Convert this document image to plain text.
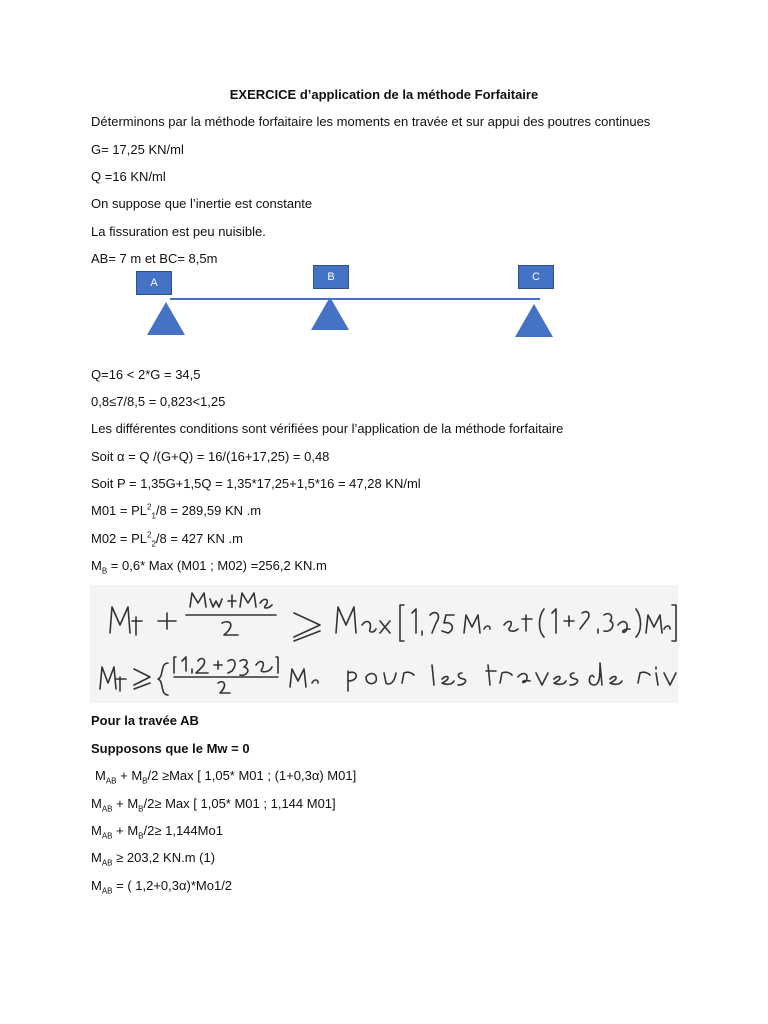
EXERCICE d’application de la méthode Forfaitaire
Déterminons par la méthode forfaitaire les moments en travée et sur appui des poutres continues
G= 17,25 KN/ml
Q =16 KN/ml
On suppose que l’inertie est constante
La fissuration est peu nuisible.
AB= 7 m et BC= 8,5m
A	B	C
Q=16 < 2*G = 34,5
0,8≤7/8,5 = 0,823<1,25
Les différentes conditions sont vérifiées pour l’application de la méthode forfaitaire
Soit α = Q /(G+Q) = 16/(16+17,25) = 0,48
Soit P = 1,35G+1,5Q = 1,35*17,25+1,5*16 = 47,28 KN/ml
$M01 = PL^2_1/8 = 289,59$ KN .m
$M02 = PL^2_2/8 = 427$ KN .m
$M_B = 0,6*$ Max (M01 ; M02) =256,2 KN.m
Pour la travée AB
Supposons que le Mw = 0
$M_{AB} + M_B/2 \ge Max$ [ 1,05* M01 ; (1+0,3α) M01]
$M_{AB} + M_B/2\ge$ Max [ 1,05* M01 ; 1,144 M01]
$M_{AB} + M_B/2\ge 1,144Mo1$
$M_{AB} \ge 203,2$ KN.m (1)
$M_{AB}$ = ( 1,2+0,3α)*Mo1/2
